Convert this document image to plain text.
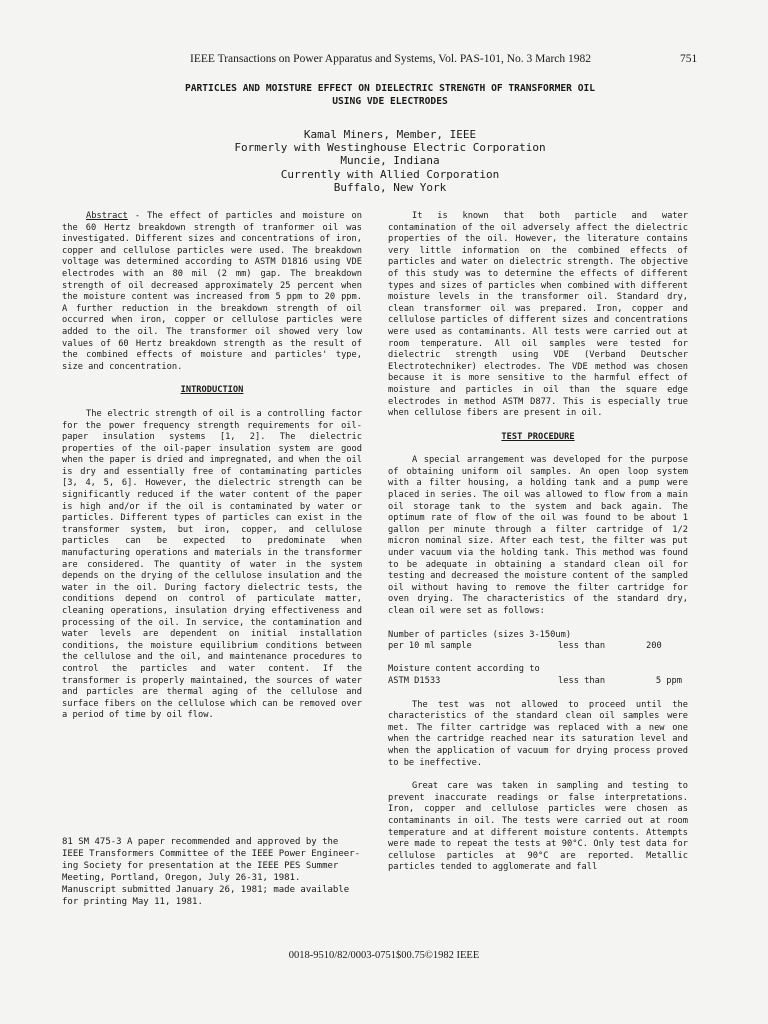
IEEE Transactions on Power Apparatus and Systems, Vol. PAS-101, No. 3 March 1982	751
PARTICLES AND MOISTURE EFFECT ON DIELECTRIC STRENGTH OF TRANSFORMER OIL
USING VDE ELECTRODES
Kamal Miners, Member, IEEE
Formerly with Westinghouse Electric Corporation
Muncie, Indiana
Currently with Allied Corporation
Buffalo, New York

Abstract - The effect of particles and moisture on the 60 Hertz breakdown strength of tranformer oil was investigated. Different sizes and concentrations of iron, copper and cellulose particles were used. The breakdown voltage was determined according to ASTM D1816 using VDE electrodes with an 80 mil (2 mm) gap. The breakdown strength of oil decreased approximately 25 percent when the moisture content was increased from 5 ppm to 20 ppm. A further reduction in the breakdown strength of oil occurred when iron, copper or cellulose particles were added to the oil. The transformer oil showed very low values of 60 Hertz breakdown strength as the result of the combined effects of moisture and particles' type, size and concentration.

INTRODUCTION

The electric strength of oil is a controlling factor for the power frequency strength requirements for oil-paper insulation systems [1, 2]. The dielectric properties of the oil-paper insulation system are good when the paper is dried and impregnated, and when the oil is dry and essentially free of contaminating particles [3, 4, 5, 6]. However, the dielectric strength can be significantly reduced if the water content of the paper is high and/or if the oil is contaminated by water or particles. Different types of particles can exist in the transformer system, but iron, copper, and cellulose particles can be expected to predominate when manufacturing operations and materials in the transformer are considered. The quantity of water in the system depends on the drying of the cellulose insulation and the water in the oil. During factory dielectric tests, the conditions depend on control of particulate matter, cleaning operations, insulation drying effectiveness and processing of the oil. In service, the contamination and water levels are dependent on initial installation conditions, the moisture equilibrium conditions between the cellulose and the oil, and maintenance procedures to control the particles and water content. If the transformer is properly maintained, the sources of water and particles are thermal aging of the cellulose and surface fibers on the cellulose which can be removed over a period of time by oil flow.

81 SM 475-3 A paper recommended and approved by the
IEEE Transformers Committee of the IEEE Power Engineer-
ing Society for presentation at the IEEE PES Summer
Meeting, Portland, Oregon, July 26-31, 1981.
Manuscript submitted January 26, 1981; made available
for printing May 11, 1981.

It is known that both particle and water contamination of the oil adversely affect the dielectric properties of the oil. However, the literature contains very little information on the combined effects of particles and water on dielectric strength. The objective of this study was to determine the effects of different types and sizes of particles when combined with different moisture levels in the transformer oil. Standard dry, clean transformer oil was prepared. Iron, copper and cellulose particles of different sizes and concentrations were used as contaminants. All tests were carried out at room temperature. All oil samples were tested for dielectric strength using VDE (Verband Deutscher Electrotechniker) electrodes. The VDE method was chosen because it is more sensitive to the harmful effect of moisture and particles in oil than the square edge electrodes in method ASTM D877. This is especially true when cellulose fibers are present in oil.

TEST PROCEDURE

A special arrangement was developed for the purpose of obtaining uniform oil samples. An open loop system with a filter housing, a holding tank and a pump were placed in series. The oil was allowed to flow from a main oil storage tank to the system and back again. The optimum rate of flow of the oil was found to be about 1 gallon per minute through a filter cartridge of 1/2 micron nominal size. After each test, the filter was put under vacuum via the holding tank. This method was found to be adequate in obtaining a standard clean oil for testing and decreased the moisture content of the sampled oil without having to remove the filter cartridge for oven drying. The characteristics of the standard dry, clean oil were set as follows:

Number of particles (sizes 3-150um)
per 10 ml sample	less than	200
Moisture content according to
ASTM D1533	less than	5 ppm

The test was not allowed to proceed until the characteristics of the standard clean oil samples were met. The filter cartridge was replaced with a new one when the cartridge reached near its saturation level and when the application of vacuum for drying process proved to be ineffective.

Great care was taken in sampling and testing to prevent inaccurate readings or false interpretations. Iron, copper and cellulose particles were chosen as contaminants in oil. The tests were carried out at room temperature and at different moisture contents. Attempts were made to repeat the tests at 90°C. Only test data for cellulose particles at 90°C are reported. Metallic particles tended to agglomerate and fall

0018-9510/82/0003-0751$00.75©1982 IEEE
